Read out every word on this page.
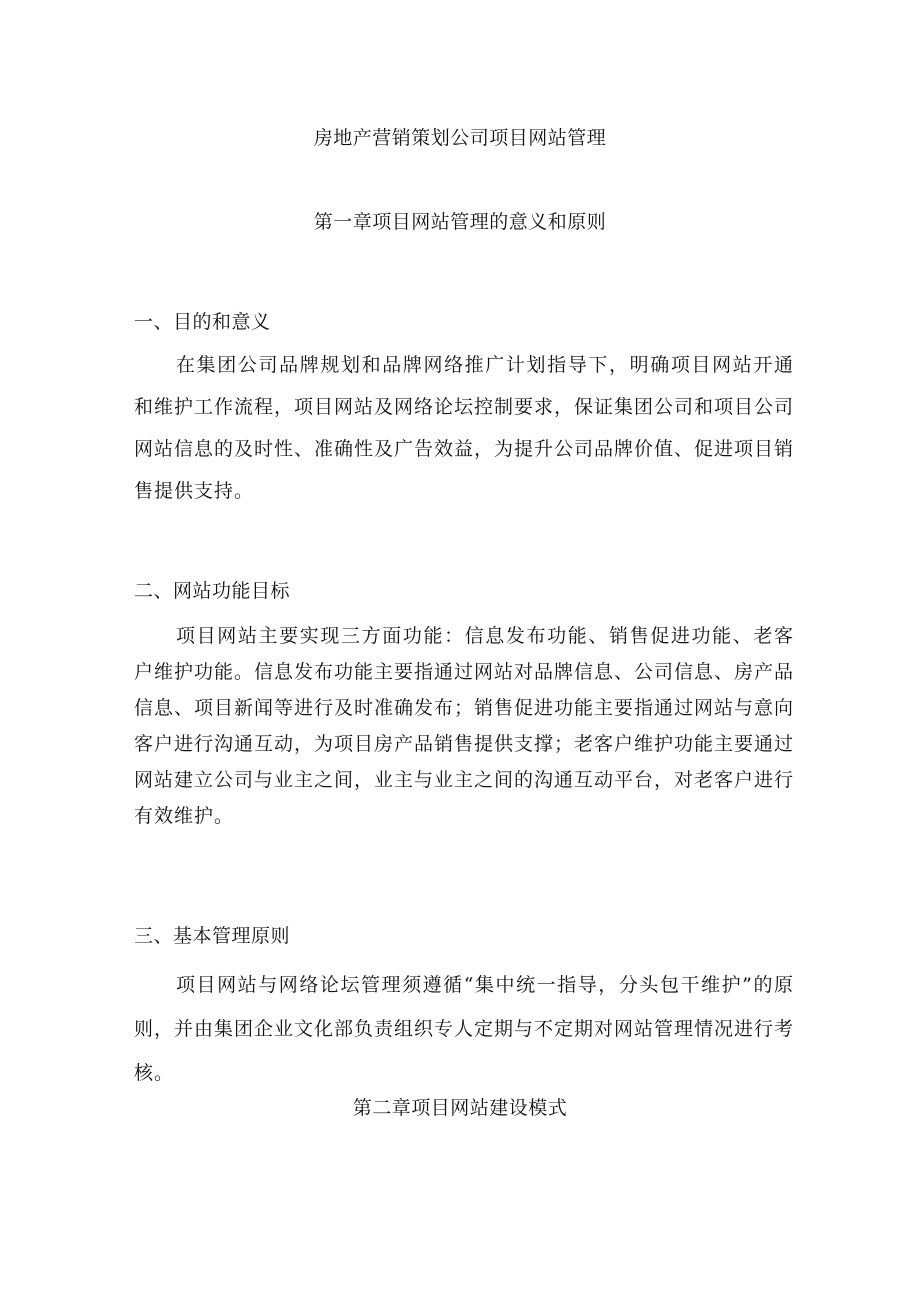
房地产营销策划公司项目网站管理
第一章项目网站管理的意义和原则
一、目的和意义

在集团公司品牌规划和品牌网络推广计划指导下，明确项目网站开通和维护工作流程，项目网站及网络论坛控制要求，保证集团公司和项目公司网站信息的及时性、准确性及广告效益，为提升公司品牌价值、促进项目销售提供支持。

二、网站功能目标

项目网站主要实现三方面功能：信息发布功能、销售促进功能、老客户维护功能。信息发布功能主要指通过网站对品牌信息、公司信息、房产品信息、项目新闻等进行及时准确发布；销售促进功能主要指通过网站与意向客户进行沟通互动，为项目房产品销售提供支撑；老客户维护功能主要通过网站建立公司与业主之间，业主与业主之间的沟通互动平台，对老客户进行有效维护。

三、基本管理原则

项目网站与网络论坛管理须遵循“集中统一指导，分头包干维护”的原则，并由集团企业文化部负责组织专人定期与不定期对网站管理情况进行考核。

第二章项目网站建设模式
